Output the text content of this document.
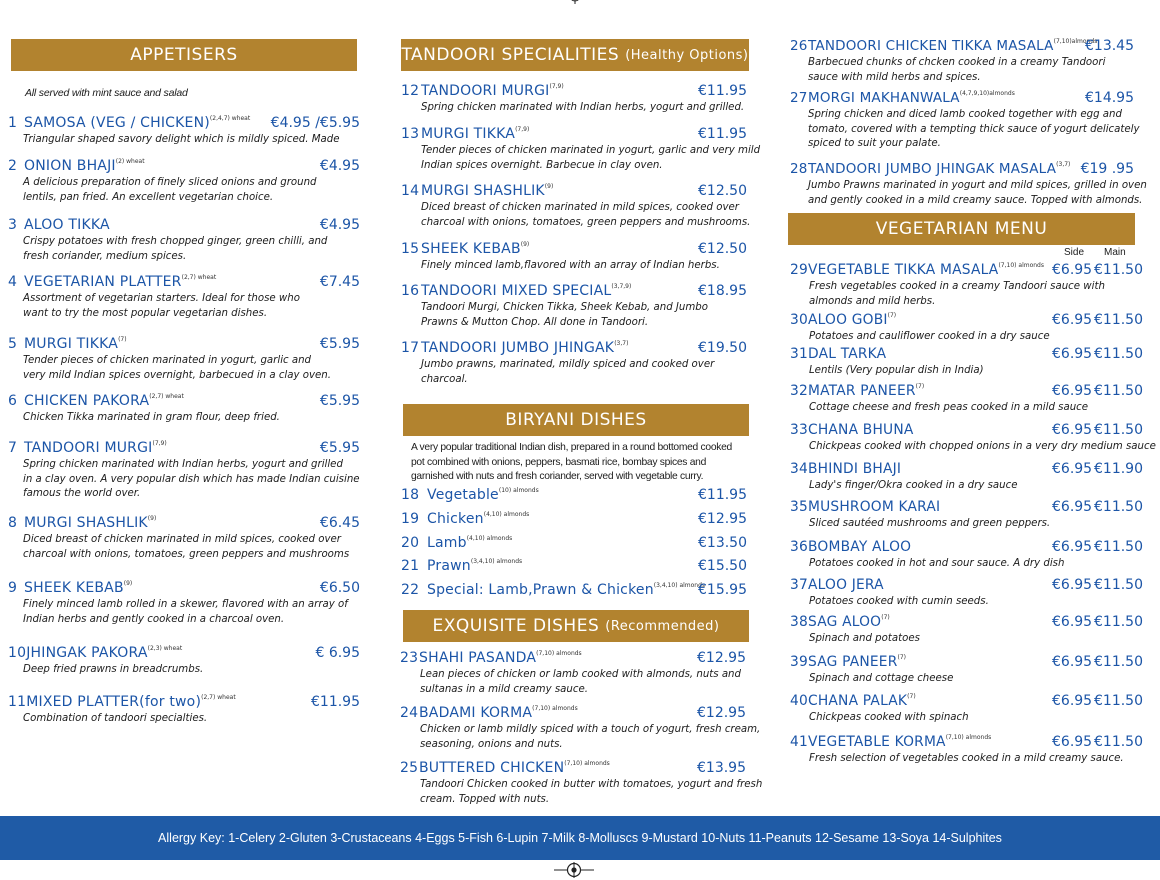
APPETISERS
All served with mint sauce and salad
1 SAMOSA (VEG / CHICKEN)$^{(2,4,7) wheat}$ €4.95 /€5.95
Triangular shaped savory delight which is mildly spiced. Made
2 ONION $BHAJI^{(2) wheat}$	€4.95
A delicious preparation of finely sliced onions and ground
lentils, pan fried. An excellent vegetarian choice.
3 ALOO TIKKA	€4.95
Crispy potatoes with fresh chopped ginger, green chilli, and
fresh coriander, medium spices.
4 VEGETARIAN $PLATTER^{(2,7) wheat}$	€7.45
Assortment of vegetarian starters. Ideal for those who
want to try the most popular vegetarian dishes.
5 MURGI TIKKA$^{(7)}$	€5.95
Tender pieces of chicken marinated in yogurt, garlic and
very mild Indian spices overnight, barbecued in a clay oven.
6 CHICKEN $PAKORA^{(2,7) wheat}$	€5.95
Chicken Tikka marinated in gram flour, deep fried.
7 TANDOORI MURGI$^{(7,9)}$	€5.95
Spring chicken marinated with Indian herbs, yogurt and grilled
in a clay oven. A very popular dish which has made Indian cuisine
famous the world over.
8 MURGI SHASHLIK$^{(9)}$	€6.45
Diced breast of chicken marinated in mild spices, cooked over
charcoal with onions, tomatoes, green peppers and mushrooms
9 SHEEK KEBAB$^{(9)}$	€6.50
Finely minced lamb rolled in a skewer, flavored with an array of
Indian herbs and gently cooked in a charcoal oven.
10JHINGAK $PAKORA^{(2,3) wheat}$	€ 6.95
Deep fried prawns in breadcrumbs.
11MIXED PLATTER(for two)$^{(2,7) wheat}$	€11.95
Combination of tandoori specialties.
TANDOORI SPECIALITIES (Healthy Options)
12 TANDOORI MURGI$^{(7,9)}$	€11.95
Spring chicken marinated with Indian herbs, yogurt and grilled.
13 MURGI TIKKA$^{(7,9)}$	€11.95
Tender pieces of chicken marinated in yogurt, garlic and very mild
Indian spices overnight. Barbecue in clay oven.
14 MURGI SHASHLIK$^{(9)}$	€12.50
Diced breast of chicken marinated in mild spices, cooked over
charcoal with onions, tomatoes, green peppers and mushrooms.
15 SHEEK KEBAB$^{(9)}$	€12.50
Finely minced lamb,flavored with an array of Indian herbs.
16 TANDOORI MIXED SPECIAL$^{(3,7,9)}$	€18.95
Tandoori Murgi, Chicken Tikka, Sheek Kebab, and Jumbo
Prawns & Mutton Chop. All done in Tandoori.
17 TANDOORI JUMBO JHINGAK$^{(3,7)}$	€19.50
Jumbo prawns, marinated, mildly spiced and cooked over
charcoal.
BIRYANI DISHES
A very popular traditional Indian dish, prepared in a round bottomed cooked
pot combined with onions, peppers, basmati rice, bombay spices and
garnished with nuts and fresh coriander, served with vegetable curry.
18 Vegetable$^{(10) almonds}$	€11.95
19 Chicken$^{(4,10) almonds}$	€12.95
20 Lamb$^{(4,10) almonds}$	€13.50
21 Prawn$^{(3,4,10) almonds}$	€15.50
22 Special: Lamb,Prawn & Chicken$^{(3,4,10) almonds}$
€15.95
EXQUISITE DISHES (Recommended)
23SHAHI $PASANDA^{(7,10) almonds}$	€12.95
Lean pieces of chicken or lamb cooked with almonds, nuts and
sultanas in a mild creamy sauce.
24BADAMI $KORMA^{(7,10) almonds}$	€12.95
Chicken or lamb mildly spiced with a touch of yogurt, fresh cream,
seasoning, onions and nuts.
25BUTTERED $CHICKEN^{(7,10) almonds}$	€13.95
Tandoori Chicken cooked in butter with tomatoes, yogurt and fresh
cream. Topped with nuts.
26TANDOORI CHICKEN TIKKA $MASALA^{(7,10)almonds}$
€13.45
Barbecued chunks of chcken cooked in a creamy Tandoori
sauce with mild herbs and spices.
27MORGI $MAKHANWALA^{(4,7,9,10)almonds}$	€14.95
Spring chicken and diced lamb cooked together with egg and
tomato, covered with a tempting thick sauce of yogurt delicately
spiced to suit your palate.
28TANDOORI JUMBO JHINGAK MASALA$^{(3,7)}$ €19 .95
Jumbo Prawns marinated in yogurt and mild spices, grilled in oven
and gently cooked in a mild creamy sauce. Topped with almonds.
VEGETARIAN MENU
Side Main
29VEGETABLE TIKKA $MASALA^{(7,10) almonds}$ €6.95 €11.50
Fresh vegetables cooked in a creamy Tandoori sauce with
almonds and mild herbs.
30ALOO GOBI$^{(7)}$	€6.95 €11.50
Potatoes and cauliflower cooked in a dry sauce
31DAL TARKA	€6.95 €11.50
Lentils (Very popular dish in India)
32MATAR PANEER$^{(7)}$	€6.95 €11.50
Cottage cheese and fresh peas cooked in a mild sauce
33CHANA BHUNA	€6.95 €11.50
Chickpeas cooked with chopped onions in a very dry medium sauce
34BHINDI BHAJI	€6.95 €11.90
Lady's finger/Okra cooked in a dry sauce
35MUSHROOM KARAI	€6.95 €11.50
Sliced sautéed mushrooms and green peppers.
36BOMBAY ALOO	€6.95 €11.50
Potatoes cooked in hot and sour sauce. A dry dish
37ALOO JERA	€6.95 €11.50
Potatoes cooked with cumin seeds.
38SAG ALOO$^{(7)}$	€6.95 €11.50
Spinach and potatoes
39SAG PANEER$^{(7)}$	€6.95 €11.50
Spinach and cottage cheese
40CHANA PALAK$^{(7)}$	€6.95 €11.50
Chickpeas cooked with spinach
41VEGETABLE $KORMA^{(7,10) almonds}$	€6.95 €11.50
Fresh selection of vegetables cooked in a mild creamy sauce.
Allergy Key: 1-Celery 2-Gluten 3-Crustaceans 4-Eggs 5-Fish 6-Lupin 7-Milk 8-Molluscs 9-Mustard 10-Nuts 11-Peanuts 12-Sesame 13-Soya 14-Sulphites
